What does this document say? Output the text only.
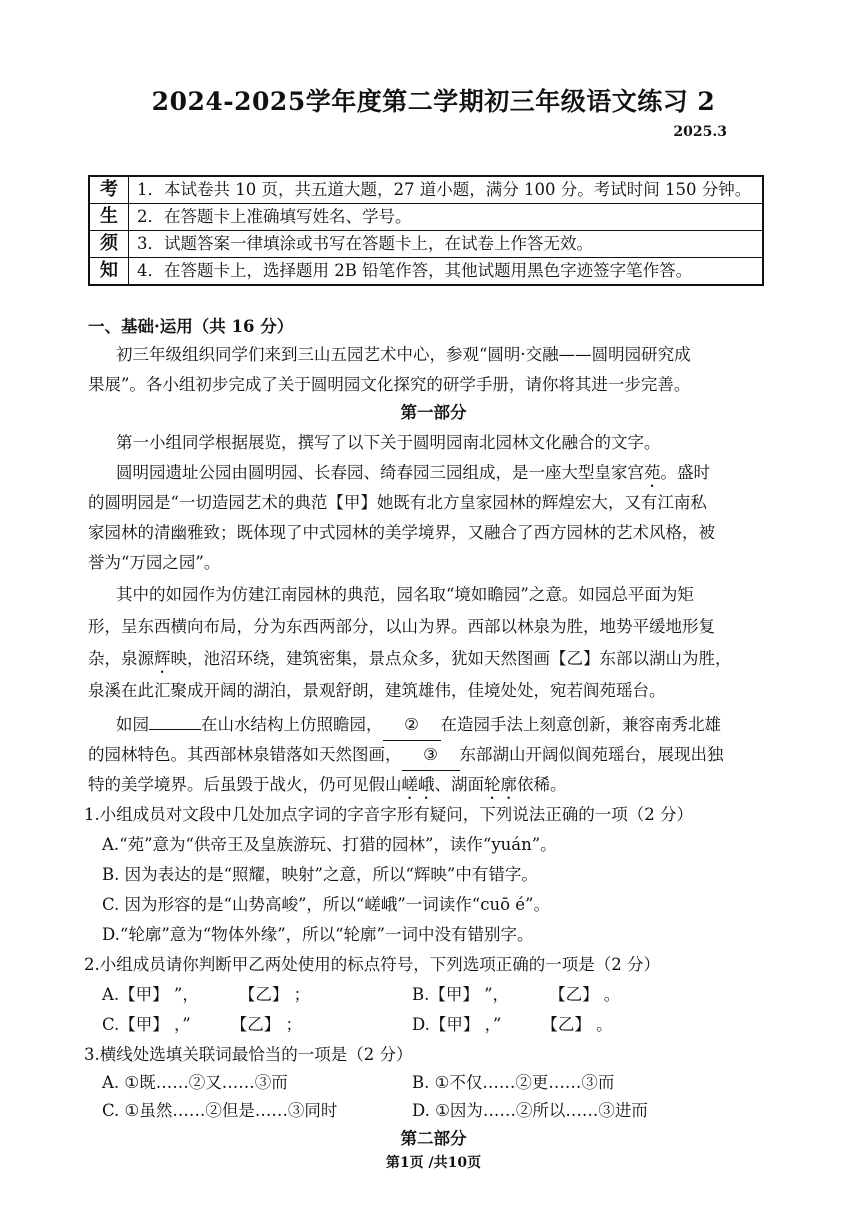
2024-2025学年度第二学期初三年级语文练习 2
2025.3
考	1．本试卷共 10 页，共五道大题，27 道小题，满分 100 分。考试时间 150 分钟。
生	2．在答题卡上准确填写姓名、学号。
须	3．试题答案一律填涂或书写在答题卡上，在试卷上作答无效。
知	4．在答题卡上，选择题用 2B 铅笔作答，其他试题用黑色字迹签字笔作答。
一、基础·运用（共 16 分）
初三年级组织同学们来到三山五园艺术中心，参观“圆明·交融——圆明园研究成
果展”。各小组初步完成了关于圆明园文化探究的研学手册，请你将其进一步完善。
第一部分
第一小组同学根据展览，撰写了以下关于圆明园南北园林文化融合的文字。
圆明园遗址公园由圆明园、长春园、绮春园三园组成，是一座大型皇家宫苑。盛时
的圆明园是“一切造园艺术的典范【甲】她既有北方皇家园林的辉煌宏大，又有江南私
家园林的清幽雅致；既体现了中式园林的美学境界，又融合了西方园林的艺术风格，被
誉为“万园之园”。
其中的如园作为仿建江南园林的典范，园名取“境如瞻园”之意。如园总平面为矩
形，呈东西横向布局，分为东西两部分，以山为界。西部以林泉为胜，地势平缓地形复
杂，泉源辉映，池沼环绕，建筑密集，景点众多，犹如天然图画【乙】东部以湖山为胜，
泉溪在此汇聚成开阔的湖泊，景观舒朗，建筑雄伟，佳境处处，宛若阆苑瑶台。
如园	在山水结构上仿照瞻园， ② 在造园手法上刻意创新，兼容南秀北雄
的园林特色。其西部林泉错落如天然图画， ③ 东部湖山开阔似阆苑瑶台，展现出独
特的美学境界。后虽毁于战火，仍可见假山嵯峨、湖面轮廓依稀。
1.小组成员对文段中几处加点字词的字音字形有疑问，下列说法正确的一项（2 分）
A.“苑”意为“供帝王及皇族游玩、打猎的园林”，读作“yuán”。
B. 因为表达的是“照耀，映射”之意，所以“辉映”中有错字。
C. 因为形容的是“山势高峻”，所以“嵯峨”一词读作“cuō é”。
D.“轮廓”意为“物体外缘”，所以“轮廓”一词中没有错别字。
2.小组成员请你判断甲乙两处使用的标点符号，下列选项正确的一项是（2 分）
A.【甲】 ”， 【乙】 ；	B.【甲】 ”， 【乙】 。
C.【甲】 ，” 【乙】 ；	D.【甲】 ，” 【乙】 。
3.横线处选填关联词最恰当的一项是（2 分）
A. ①既……②又……③而	B. ①不仅……②更……③而
C. ①虽然……②但是……③同时	D. ①因为……②所以……③进而
第二部分
第1页 /共10页
